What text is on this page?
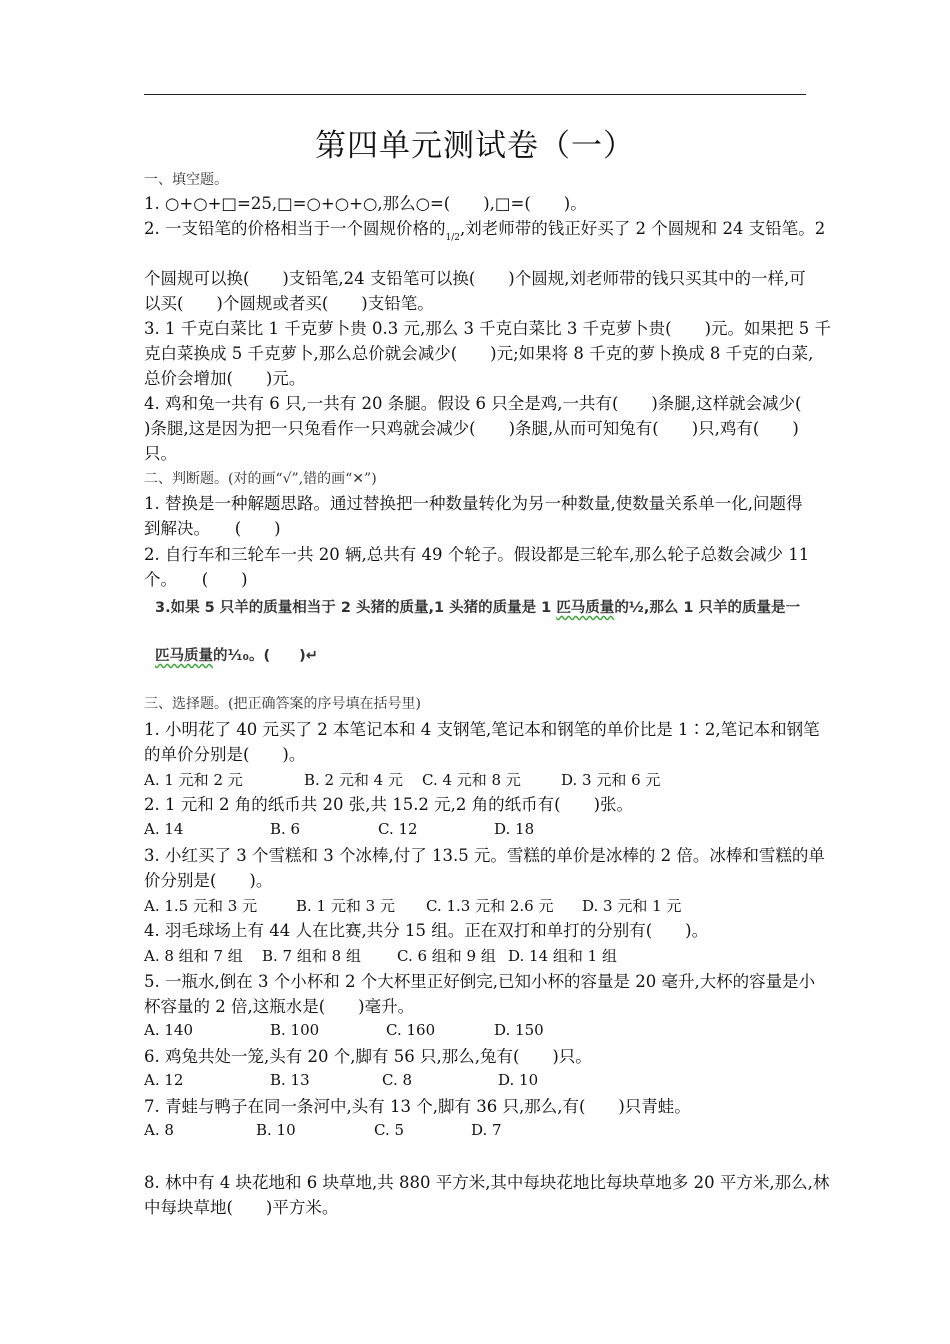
第四单元测试卷（一）
一、填空题。
1. ○+○+□=25,□=○+○+○,那么○=(　　),□=(　　)。
2. 一支铅笔的价格相当于一个圆规价格的$_{1/2}$,刘老师带的钱正好买了 2 个圆规和 24 支铅笔。2
个圆规可以换(　　)支铅笔,24 支铅笔可以换(　　)个圆规,刘老师带的钱只买其中的一样,可
以买(　　)个圆规或者买(　　)支铅笔。
3. 1 千克白菜比 1 千克萝卜贵 0.3 元,那么 3 千克白菜比 3 千克萝卜贵(　　)元。如果把 5 千
克白菜换成 5 千克萝卜,那么总价就会减少(　　)元;如果将 8 千克的萝卜换成 8 千克的白菜,
总价会增加(　　)元。
4. 鸡和兔一共有 6 只,一共有 20 条腿。假设 6 只全是鸡,一共有(　　)条腿,这样就会减少(
)条腿,这是因为把一只兔看作一只鸡就会减少(　　)条腿,从而可知兔有(　　)只,鸡有(　　)
只。
二、判断题。(对的画“√”,错的画“✕”)
1. 替换是一种解题思路。通过替换把一种数量转化为另一种数量,使数量关系单一化,问题得
到解决。　　(　　)
2. 自行车和三轮车一共 20 辆,总共有 49 个轮子。假设都是三轮车,那么轮子总数会减少 11
个。　　(　　)
3.如果 5 只羊的质量相当于 2 头猪的质量,1 头猪的质量是 1 匹马质量的½,那么 1 只羊的质量是一
匹马质量的¹⁄₁₀。(　　)↵
三、选择题。(把正确答案的序号填在括号里)
1. 小明花了 40 元买了 2 本笔记本和 4 支钢笔,笔记本和钢笔的单价比是 1∶2,笔记本和钢笔
的单价分别是(　　)。
A. 1 元和 2 元	B. 2 元和 4 元 C. 4 元和 8 元	D. 3 元和 6 元
2. 1 元和 2 角的纸币共 20 张,共 15.2 元,2 角的纸币有(　　)张。
A. 14	B. 6	C. 12	D. 18
3. 小红买了 3 个雪糕和 3 个冰棒,付了 13.5 元。雪糕的单价是冰棒的 2 倍。冰棒和雪糕的单
价分别是(　　)。
A. 1.5 元和 3 元	B. 1 元和 3 元 C. 1.3 元和 2.6 元 D. 3 元和 1 元
4. 羽毛球场上有 44 人在比赛,共分 15 组。正在双打和单打的分别有(　　)。
A. 8 组和 7 组 B. 7 组和 8 组 C. 6 组和 9 组 D. 14 组和 1 组
5. 一瓶水,倒在 3 个小杯和 2 个大杯里正好倒完,已知小杯的容量是 20 毫升,大杯的容量是小
杯容量的 2 倍,这瓶水是(　　)毫升。
A. 140	B. 100	C. 160	D. 150
6. 鸡兔共处一笼,头有 20 个,脚有 56 只,那么,兔有(　　)只。
A. 12	B. 13	C. 8	D. 10
7. 青蛙与鸭子在同一条河中,头有 13 个,脚有 36 只,那么,有(　　)只青蛙。
A. 8	B. 10	C. 5	D. 7
8. 林中有 4 块花地和 6 块草地,共 880 平方米,其中每块花地比每块草地多 20 平方米,那么,林
中每块草地(　　)平方米。
